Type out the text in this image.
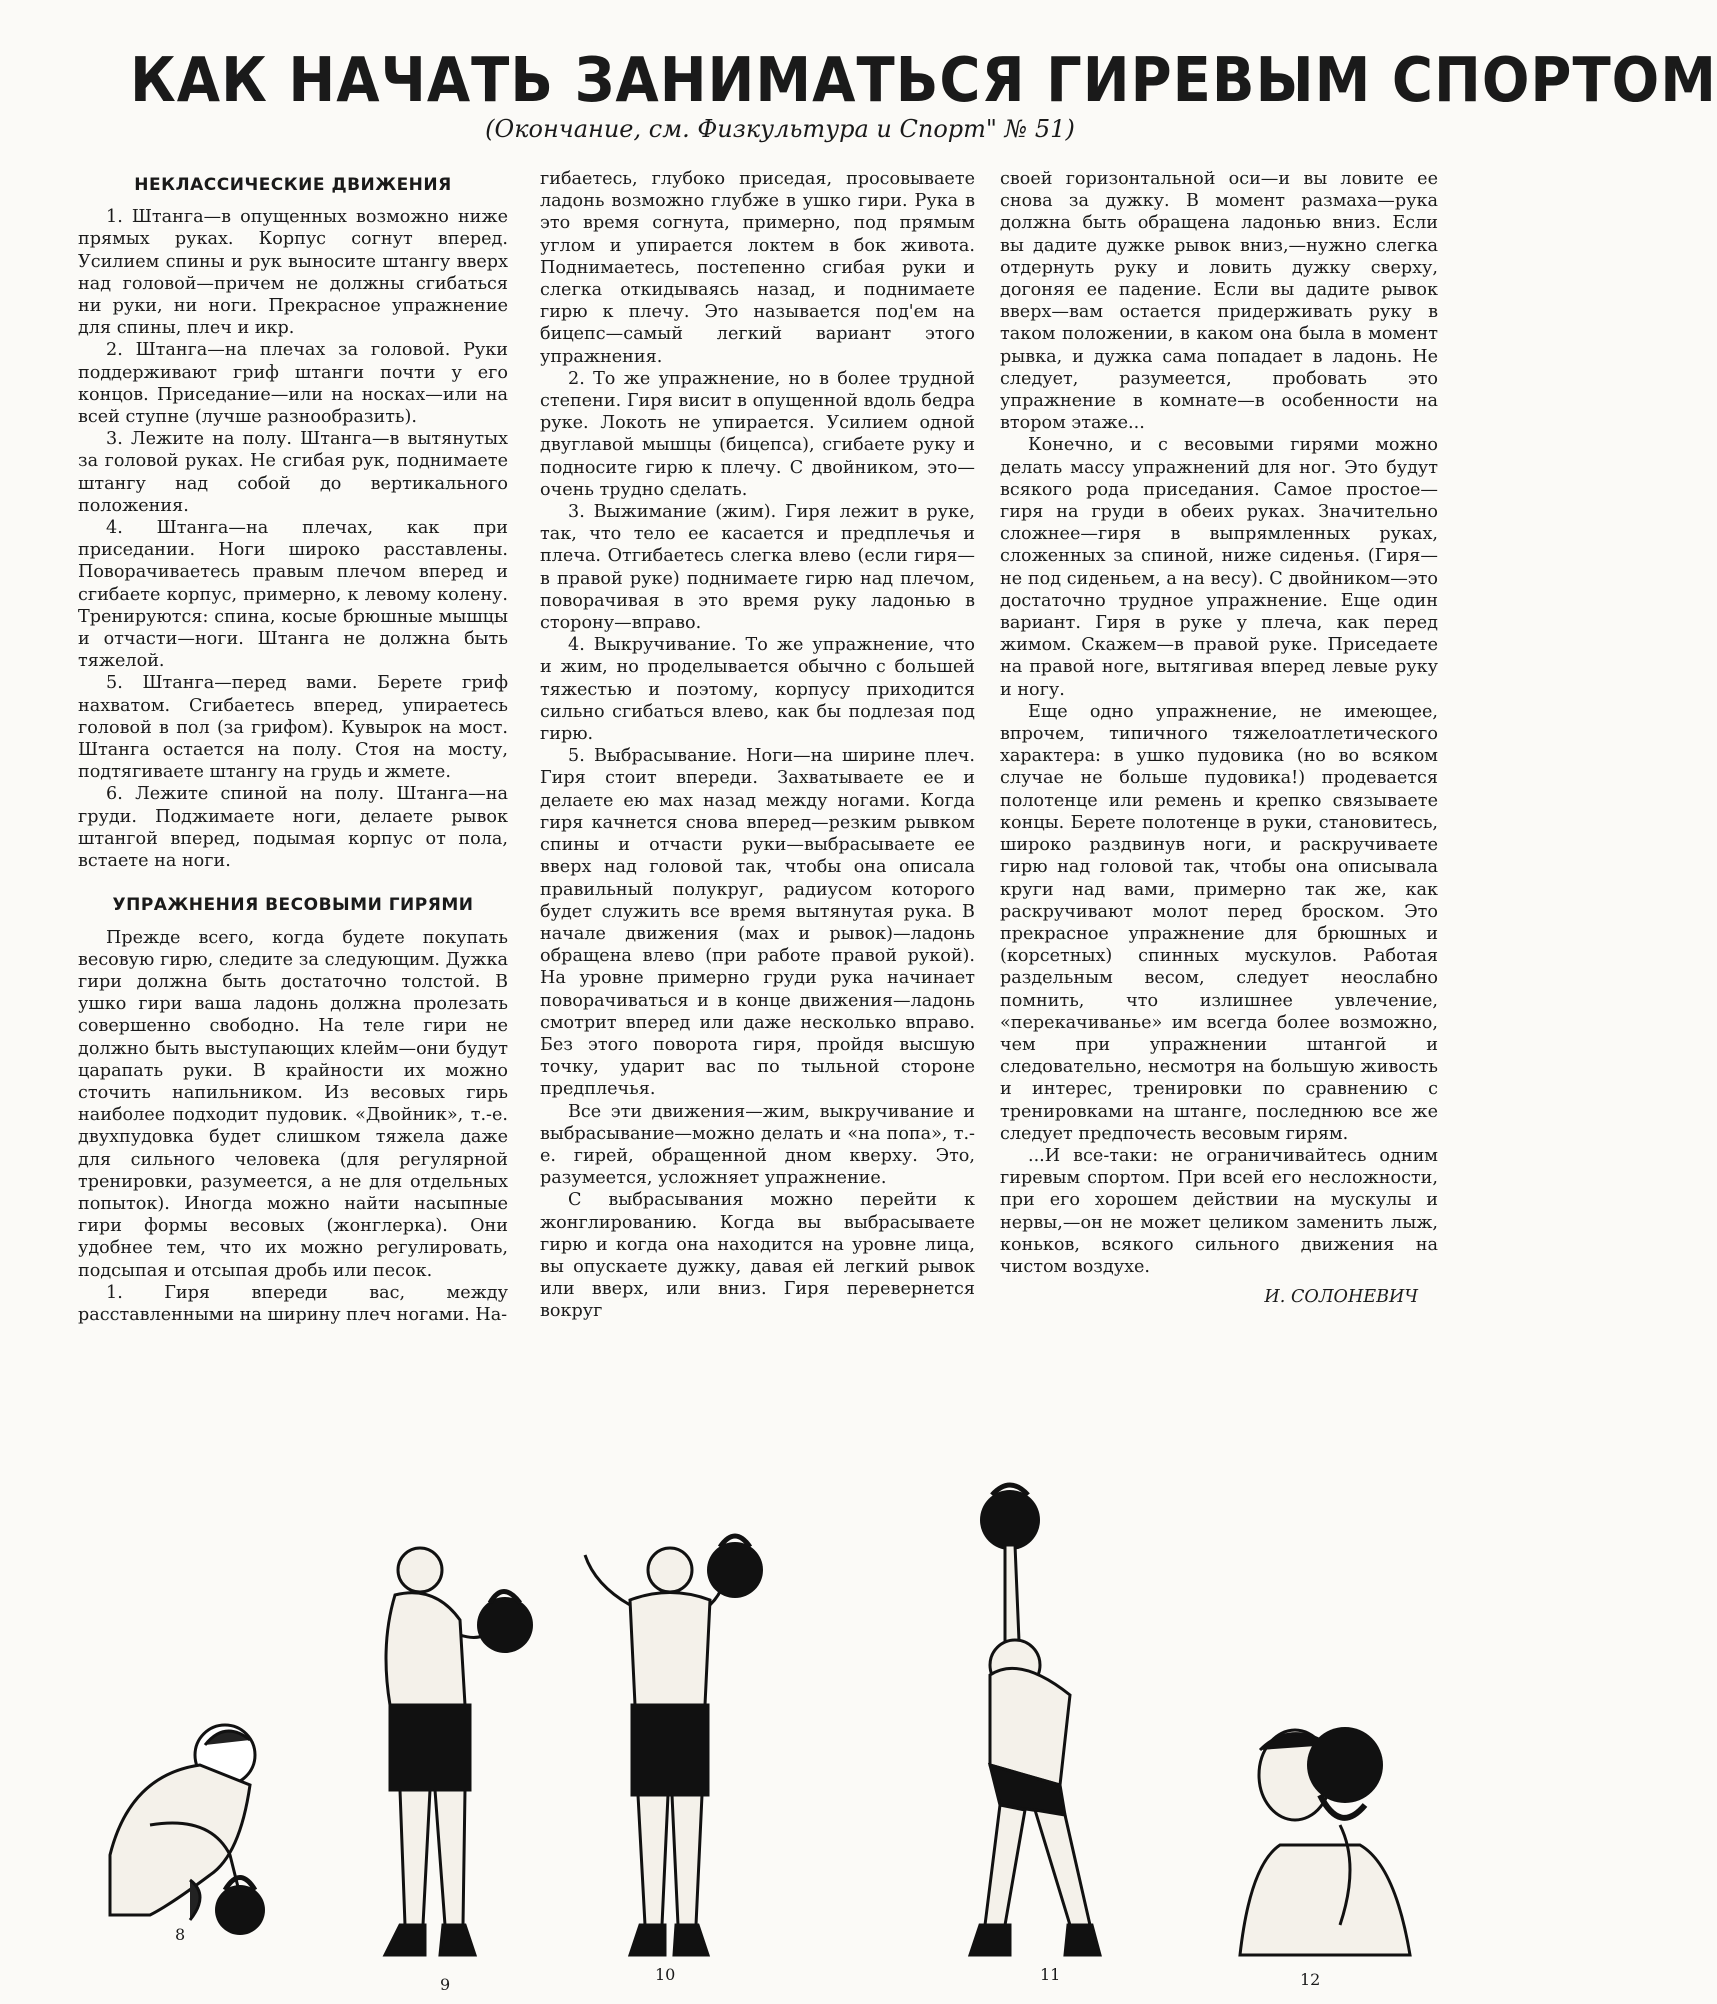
КАК НАЧАТЬ ЗАНИМАТЬСЯ ГИРЕВЫМ СПОРТОМ
(Окончание, см. Физкультура и Спорт" № 51)
НЕКЛАССИЧЕСКИЕ ДВИЖЕНИЯ

1. Штанга—в опущенных возможно ниже прямых руках. Корпус согнут вперед. Усилием спины и рук выносите штангу вверх над головой—причем не должны сгибаться ни руки, ни ноги. Прекрасное упражнение для спины, плеч и икр.

2. Штанга—на плечах за головой. Руки поддерживают гриф штанги почти у его концов. Приседание—или на носках—или на всей ступне (лучше разнообразить).

3. Лежите на полу. Штанга—в вытянутых за головой руках. Не сгибая рук, поднимаете штангу над собой до вертикального положения.

4. Штанга—на плечах, как при приседании. Ноги широко расставлены. Поворачиваетесь правым плечом вперед и сгибаете корпус, примерно, к левому колену. Тренируются: спина, косые брюшные мышцы и отчасти—ноги. Штанга не должна быть тяжелой.

5. Штанга—перед вами. Берете гриф наxватом. Сгибаетесь вперед, упираетесь головой в пол (за грифом). Кувырок на мост. Штанга остается на полу. Стоя на мосту, подтягиваете штангу на грудь и жмете.

6. Лежите спиной на полу. Штанга—на груди. Поджимаете ноги, делаете рывок штангой вперед, подымая корпус от пола, встаете на ноги.

УПРАЖНЕНИЯ ВЕСОВЫМИ ГИРЯМИ

Прежде всего, когда будете покупать весовую гирю, следите за следующим. Дужка гири должна быть достаточно толстой. В ушко гири ваша ладонь должна пролезать совершенно свободно. На теле гири не должно быть выступающих клейм—они будут царапать руки. В крайности их можно сточить напильником. Из весовых гирь наиболее подходит пудовик. «Двойник», т.-е. двухпудовка будет слишком тяжела даже для сильного человека (для регулярной тренировки, разумеется, а не для отдельных попыток). Иногда можно найти насыпные гири формы весовых (жонглерка). Они удобнее тем, что их можно регулировать, подсыпая и отсыпая дробь или песок.

1. Гиря впереди вас, между расставленными на ширину плеч ногами. На-

гибаетесь, глубоко приседая, просовываете ладонь возможно глубже в ушко гири. Рука в это время согнута, примерно, под прямым углом и упирается локтем в бок живота. Поднимаетесь, постепенно сгибая руки и слегка откидываясь назад, и поднимаете гирю к плечу. Это называется под'ем на бицепс—самый легкий вариант этого упражнения.

2. То же упражнение, но в более трудной степени. Гиря висит в опущенной вдоль бедра руке. Локоть не упирается. Усилием одной двуглавой мышцы (бицепса), сгибаете руку и подносите гирю к плечу. С двойником, это—очень трудно сделать.

3. Выжимание (жим). Гиря лежит в руке, так, что тело ее касается и предплечья и плеча. Отгибаетесь слегка влево (если гиря—в правой руке) поднимаете гирю над плечом, поворачивая в это время руку ладонью в сторону—вправо.

4. Выкручивание. То же упражнение, что и жим, но проделывается обычно с большей тяжестью и поэтому, корпусу приходится сильно сгибаться влево, как бы подлезая под гирю.

5. Выбрасывание. Ноги—на ширине плеч. Гиря стоит впереди. Захватываете ее и делаете ею мах назад между ногами. Когда гиря качнется снова вперед—резким рывком спины и отчасти руки—выбрасываете ее вверх над головой так, чтобы она описала правильный полукруг, радиусом которого будет служить все время вытянутая рука. В начале движения (мах и рывок)—ладонь обращена влево (при работе правой рукой). На уровне примерно груди рука начинает поворачиваться и в конце движения—ладонь смотрит вперед или даже несколько вправо. Без этого поворота гиря, пройдя высшую точку, ударит вас по тыльной стороне предплечья.

Все эти движения—жим, выкручивание и выбрасывание—можно делать и «на попа», т.-е. гирей, обращенной дном кверху. Это, разумеется, усложняет упражнение.

С выбрасывания можно перейти к жонглированию. Когда вы выбрасываете гирю и когда она находится на уровне лица, вы опускаете дужку, давая ей легкий рывок или вверх, или вниз. Гиря перевернется вокруг

своей горизонтальной оси—и вы ловите ее снова за дужку. В момент размаха—рука должна быть обращена ладонью вниз. Если вы дадите дужке рывок вниз,—нужно слегка отдернуть руку и ловить дужку сверху, догоняя ее падение. Если вы дадите рывок вверх—вам остается придерживать руку в таком положении, в каком она была в момент рывка, и дужка сама попадает в ладонь. Не следует, разумеется, пробовать это упражнение в комнате—в особенности на втором этаже...

Конечно, и с весовыми гирями можно делать массу упражнений для ног. Это будут всякого рода приседания. Самое простое—гиря на груди в обеих руках. Значительно сложнее—гиря в выпрямленных руках, сложенных за спиной, ниже сиденья. (Гиря—не под сиденьем, а на весу). С двойником—это достаточно трудное упражнение. Еще один вариант. Гиря в руке у плеча, как перед жимом. Скажем—в правой руке. Приседаете на правой ноге, вытягивая вперед левые руку и ногу.

Еще одно упражнение, не имеющее, впрочем, типичного тяжелоатлетического характера: в ушко пудовика (но во всяком случае не больше пудовика!) продевается полотенце или ремень и крепко связываете концы. Берете полотенце в руки, становитесь, широко раздвинув ноги, и раскручиваете гирю над головой так, чтобы она описывала круги над вами, примерно так же, как раскручивают молот перед броском. Это прекрасное упражнение для брюшных и (корсетных) спинных мускулов. Работая раздельным весом, следует неослабно помнить, что излишнее увлечение, «перекачиванье» им всегда более возможно, чем при упражнении штангой и следовательно, несмотря на большую живость и интерес, тренировки по сравнению с тренировками на штанге, последнюю все же следует предпочесть весовым гирям.

...И все-таки: не ограничивайтесь одним гиревым спортом. При всей его несложности, при его хорошем действии на мускулы и нервы,—он не может целиком заменить лыж, коньков, всякого сильного движения на чистом воздухе.

И. СОЛОНЕВИЧ
8
9
10	11	12
